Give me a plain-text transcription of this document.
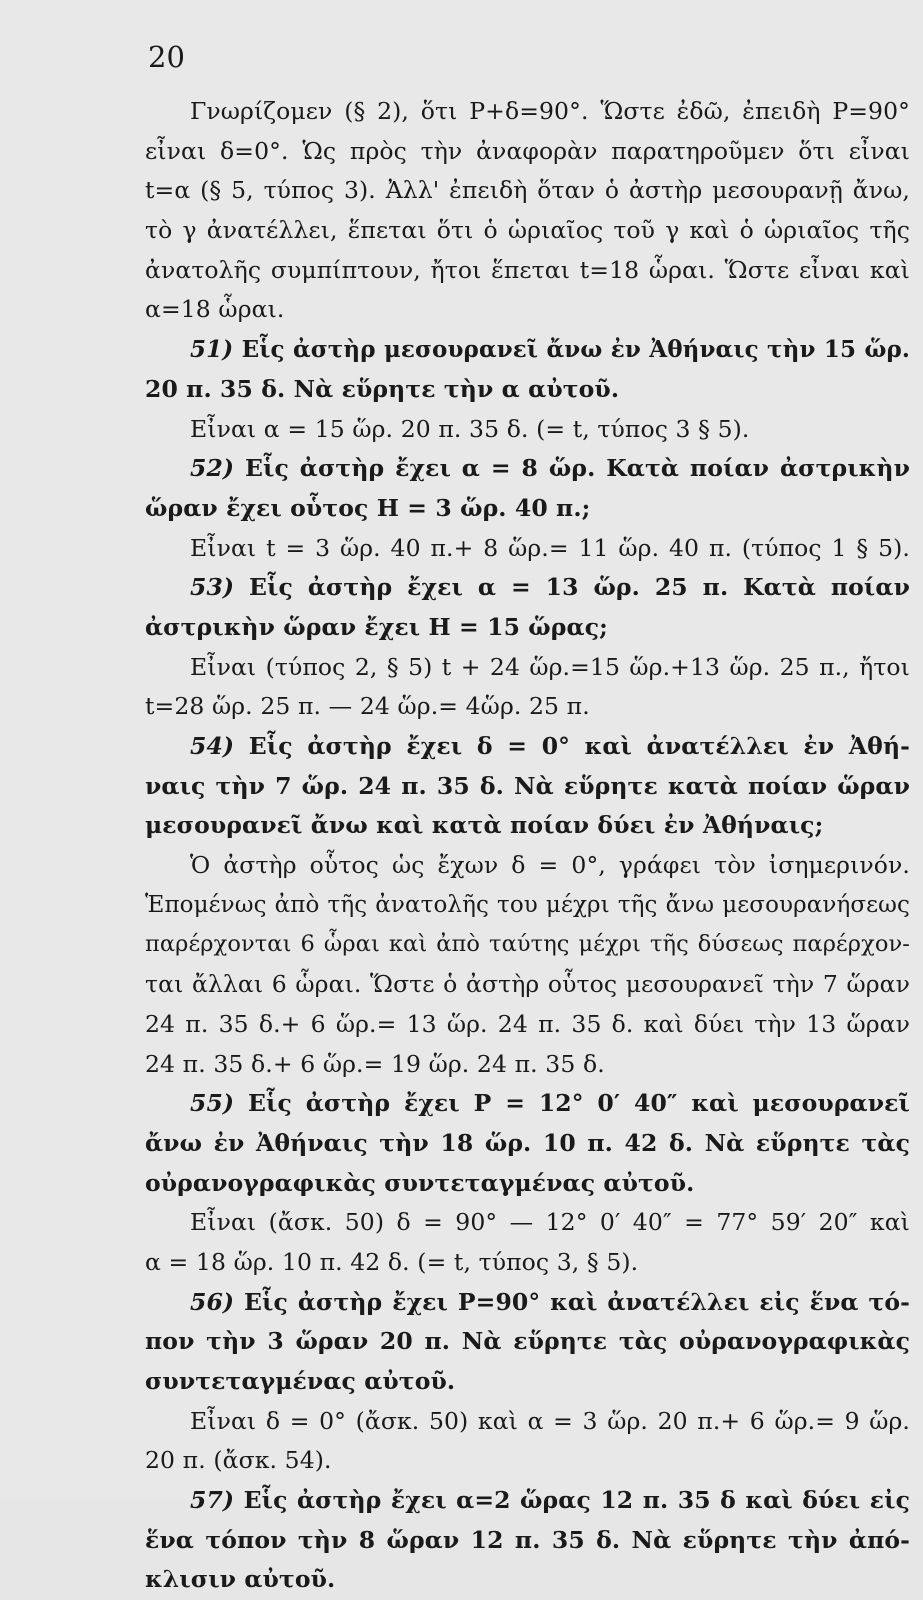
20
Γνωρίζομεν (§ 2), ὅτι Ρ+δ=90°. Ὥστε ἐδῶ, ἐπειδὴ Ρ=90°
εἶναι δ=0°. Ὡς πρὸς τὴν ἀναφορὰν παρατηροῦμεν ὅτι εἶναι
t=α (§ 5, τύπος 3). Ἀλλ' ἐπειδὴ ὅταν ὁ ἀστὴρ μεσουρανῇ ἄνω,
τὸ γ ἀνατέλλει, ἕπεται ὅτι ὁ ὡριαῖος τοῦ γ καὶ ὁ ὡριαῖος τῆς
ἀνατολῆς συμπίπτουν, ἤτοι ἕπεται t=18 ὧραι. Ὥστε εἶναι καὶ
α=18 ὧραι.
51) Εἷς ἀστὴρ μεσουρανεῖ ἄνω ἐν Ἀθήναις τὴν 15 ὥρ.
20 π. 35 δ. Νὰ εὕρητε τὴν α αὐτοῦ.
Εἶναι α = 15 ὥρ. 20 π. 35 δ. (= t, τύπος 3 § 5).
52) Εἷς ἀστὴρ ἔχει α = 8 ὥρ. Κατὰ ποίαν ἀστρικὴν
ὥραν ἔχει οὗτος Η = 3 ὥρ. 40 π.;
Εἶναι t = 3 ὥρ. 40 π.+ 8 ὥρ.= 11 ὥρ. 40 π. (τύπος 1 § 5).
53) Εἷς ἀστὴρ ἔχει α = 13 ὥρ. 25 π. Κατὰ ποίαν
ἀστρικὴν ὥραν ἔχει Η = 15 ὥρας;
Εἶναι (τύπος 2, § 5) t + 24 ὥρ.=15 ὥρ.+13 ὥρ. 25 π., ἤτοι
t=28 ὥρ. 25 π. — 24 ὥρ.= 4ὥρ. 25 π.
54) Εἷς ἀστὴρ ἔχει δ = 0° καὶ ἀνατέλλει ἐν Ἀθή-
ναις τὴν 7 ὥρ. 24 π. 35 δ. Νὰ εὕρητε κατὰ ποίαν ὥραν
μεσουρανεῖ ἄνω καὶ κατὰ ποίαν δύει ἐν Ἀθήναις;
Ὁ ἀστὴρ οὗτος ὡς ἔχων δ = 0°, γράφει τὸν ἰσημερινόν.
Ἑπομένως ἀπὸ τῆς ἀνατολῆς του μέχρι τῆς ἄνω μεσουρανήσεως
παρέρχονται 6 ὧραι καὶ ἀπὸ ταύτης μέχρι τῆς δύσεως παρέρχον-
ται ἄλλαι 6 ὧραι. Ὥστε ὁ ἀστὴρ οὗτος μεσουρανεῖ τὴν 7 ὥραν
24 π. 35 δ.+ 6 ὥρ.= 13 ὥρ. 24 π. 35 δ. καὶ δύει τὴν 13 ὥραν
24 π. 35 δ.+ 6 ὥρ.= 19 ὥρ. 24 π. 35 δ.
55) Εἷς ἀστὴρ ἔχει Ρ = 12° 0′ 40″ καὶ μεσουρανεῖ
ἄνω ἐν Ἀθήναις τὴν 18 ὥρ. 10 π. 42 δ. Νὰ εὕρητε τὰς
οὐρανογραφικὰς συντεταγμένας αὐτοῦ.
Εἶναι (ἄσκ. 50) δ = 90° — 12° 0′ 40″ = 77° 59′ 20″ καὶ
α = 18 ὥρ. 10 π. 42 δ. (= t, τύπος 3, § 5).
56) Εἷς ἀστὴρ ἔχει Ρ=90° καὶ ἀνατέλλει εἰς ἕνα τό-
πον τὴν 3 ὥραν 20 π. Νὰ εὕρητε τὰς οὐρανογραφικὰς
συντεταγμένας αὐτοῦ.
Εἶναι δ = 0° (ἄσκ. 50) καὶ α = 3 ὥρ. 20 π.+ 6 ὥρ.= 9 ὥρ.
20 π. (ἄσκ. 54).
57) Εἷς ἀστὴρ ἔχει α=2 ὥρας 12 π. 35 δ καὶ δύει εἰς
ἕνα τόπον τὴν 8 ὥραν 12 π. 35 δ. Νὰ εὕρητε τὴν ἀπό-
κλισιν αὐτοῦ.
